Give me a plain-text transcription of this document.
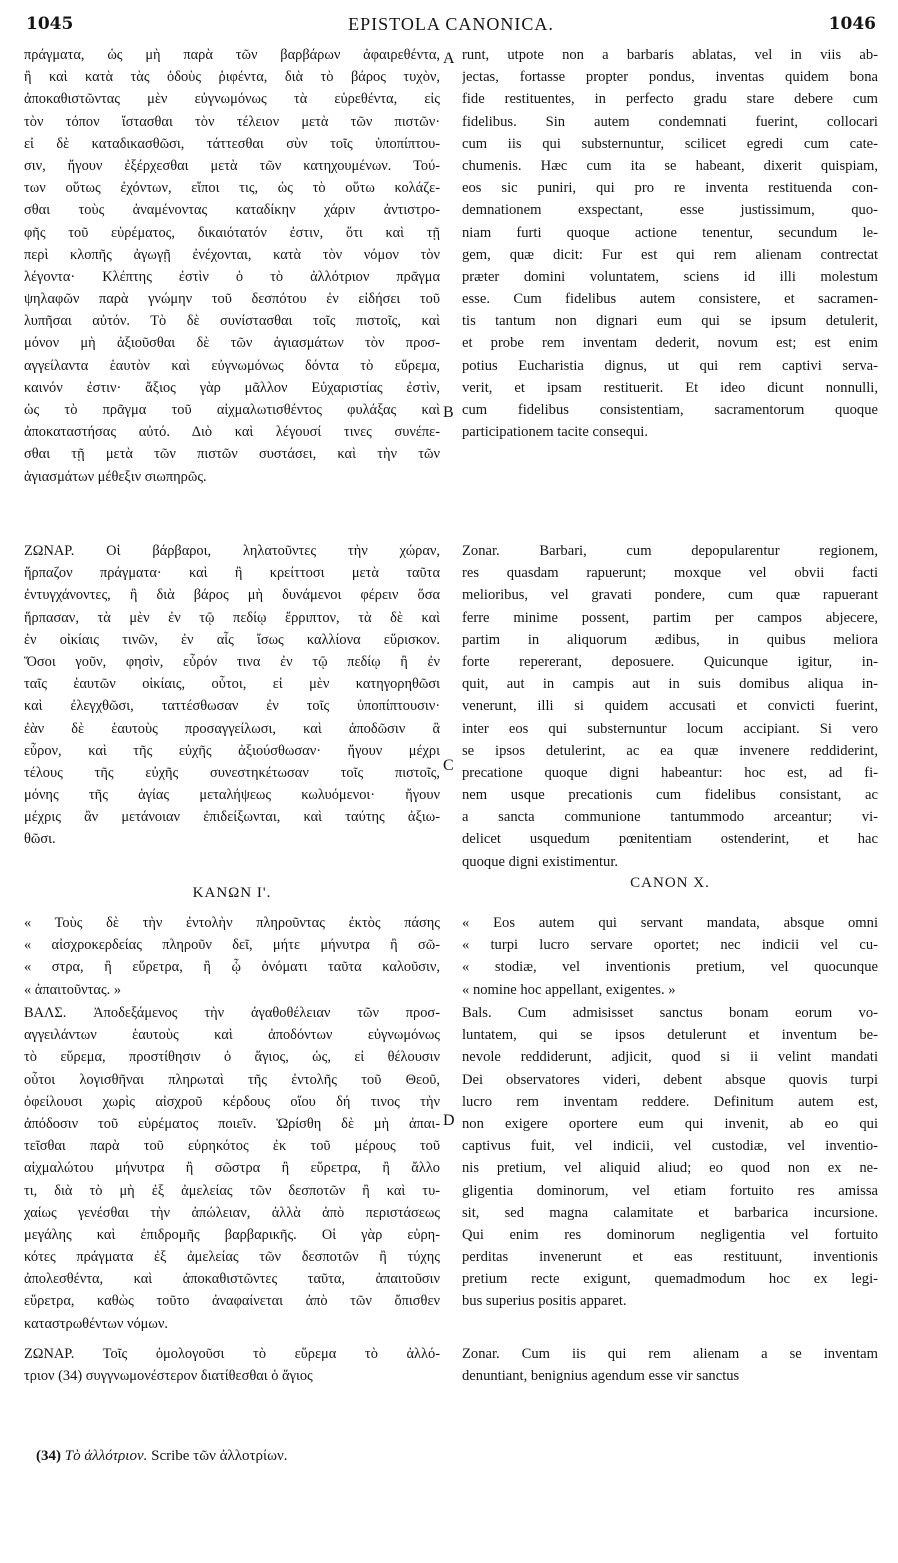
1045	EPISTOLA CANONICA.	1046
πράγματα, ὡς μὴ παρὰ τῶν βαρβάρων ἀφαιρεθέντα,
ἢ καὶ κατὰ τὰς ὁδοὺς ῥιφέντα, διὰ τὸ βάρος τυχὸν,
ἀποκαθιστῶντας μὲν εὐγνωμόνως τὰ εὑρεθέντα, εἰς
τὸν τόπον ἵστασθαι τὸν τέλειον μετὰ τῶν πιστῶν·
εἰ δὲ καταδικασθῶσι, τάττεσθαι σὺν τοῖς ὑποπίπτου-
σιν, ἤγουν ἐξέρχεσθαι μετὰ τῶν κατηχουμένων. Τού-
των οὕτως ἐχόντων, εἴποι τις, ὡς τὸ οὕτω κολάζε-
σθαι τοὺς ἀναμένοντας καταδίκην χάριν ἀντιστρο-
φῆς τοῦ εὑρέματος, δικαιότατόν ἐστιν, ὅτι καὶ τῇ
περὶ κλοπῆς ἀγωγῇ ἐνέχονται, κατὰ τὸν νόμον τὸν
λέγοντα· Κλέπτης ἐστὶν ὁ τὸ ἀλλότριον πρᾶγμα
ψηλαφῶν παρὰ γνώμην τοῦ δεσπότου ἐν εἰδήσει τοῦ
λυπῆσαι αὐτόν. Τὸ δὲ συνίστασθαι τοῖς πιστοῖς, καὶ
μόνον μὴ ἀξιοῦσθαι δὲ τῶν ἁγιασμάτων τὸν προσ-
αγγείλαντα ἑαυτὸν καὶ εὐγνωμόνως δόντα τὸ εὕρεμα,
καινόν ἐστιν· ἄξιος γὰρ μᾶλλον Εὐχαριστίας ἐστὶν,
ὡς τὸ πρᾶγμα τοῦ αἰχμαλωτισθέντος φυλάξας καὶ
ἀποκαταστήσας αὐτό. Διὸ καὶ λέγουσί τινες συνέπε-
σθαι τῇ μετὰ τῶν πιστῶν συστάσει, καὶ τὴν τῶν
ἁγιασμάτων μέθεξιν σιωπηρῶς.
ΖΩΝΑΡ. Οἱ βάρβαροι, ληλατοῦντες τὴν χώραν,
ἥρπαζον πράγματα· καὶ ἢ κρείττοσι μετὰ ταῦτα
ἐντυγχάνοντες, ἢ διὰ βάρος μὴ δυνάμενοι φέρειν ὅσα
ἥρπασαν, τὰ μὲν ἐν τῷ πεδίῳ ἔρριπτον, τὰ δὲ καὶ
ἐν οἰκίαις τινῶν, ἐν αἷς ἴσως καλλίονα εὕρισκον.
Ὅσοι γοῦν, φησὶν, εὗρόν τινα ἐν τῷ πεδίῳ ἢ ἐν
ταῖς ἑαυτῶν οἰκίαις, οὗτοι, εἰ μὲν κατηγορηθῶσι
καὶ ἐλεγχθῶσι, ταττέσθωσαν ἐν τοῖς ὑποπίπτουσιν·
ἐὰν δὲ ἑαυτοὺς προσαγγείλωσι, καὶ ἀποδῶσιν ἃ
εὗρον, καὶ τῆς εὐχῆς ἀξιούσθωσαν· ἤγουν μέχρι
τέλους τῆς εὐχῆς συνεστηκέτωσαν τοῖς πιστοῖς,
μόνης τῆς ἁγίας μεταλήψεως κωλυόμενοι· ἤγουν
μέχρις ἂν μετάνοιαν ἐπιδείξωνται, καὶ ταύτης ἀξιω-
θῶσι.
ΚΑΝΩΝ Ι'.
« Τοὺς δὲ τὴν ἐντολὴν πληροῦντας ἐκτὸς πάσης
« αἰσχροκερδείας πληροῦν δεῖ, μήτε μήνυτρα ἢ σῶ-
« στρα, ἢ εὕρετρα, ἢ ᾧ ὀνόματι ταῦτα καλοῦσιν,
« ἀπαιτοῦντας. »
ΒΑΛΣ. Ἀποδεξάμενος τὴν ἀγαθοθέλειαν τῶν προσ-
αγγειλάντων ἑαυτοὺς καὶ ἀποδόντων εὐγνωμόνως
τὸ εὕρεμα, προστίθησιν ὁ ἅγιος, ὡς, εἰ θέλουσιν
οὗτοι λογισθῆναι πληρωταὶ τῆς ἐντολῆς τοῦ Θεοῦ,
ὀφείλουσι χωρὶς αἰσχροῦ κέρδους οἵου δή τινος τὴν
ἀπόδοσιν τοῦ εὑρέματος ποιεῖν. Ὡρίσθη δὲ μὴ ἀπαι-
τεῖσθαι παρὰ τοῦ εὑρηκότος ἐκ τοῦ μέρους τοῦ
αἰχμαλώτου μήνυτρα ἢ σῶστρα ἢ εὕρετρα, ἢ ἄλλο
τι, διὰ τὸ μὴ ἐξ ἀμελείας τῶν δεσποτῶν ἢ καὶ τυ-
χαίως γενέσθαι τὴν ἀπώλειαν, ἀλλὰ ἀπὸ περιστάσεως
μεγάλης καὶ ἐπιδρομῆς βαρβαρικῆς. Οἱ γὰρ εὑρη-
κότες πράγματα ἐξ ἀμελείας τῶν δεσποτῶν ἢ τύχης
ἀπολεσθέντα, καὶ ἀποκαθιστῶντες ταῦτα, ἀπαιτοῦσιν
εὕρετρα, καθὼς τοῦτο ἀναφαίνεται ἀπὸ τῶν ὄπισθεν
καταστρωθέντων νόμων.
ΖΩΝΑΡ. Τοῖς ὁμολογοῦσι τὸ εὕρεμα τὸ ἀλλό-
τριον (34) συγγνωμονέστερον διατίθεσθαι ὁ ἅγιος
runt, utpote non a barbaris ablatas, vel in viis ab-
jectas, fortasse propter pondus, inventas quidem bona
fide restituentes, in perfecto gradu stare debere cum
fidelibus. Sin autem condemnati fuerint, collocari
cum iis qui substernuntur, scilicet egredi cum cate-
chumenis. Hæc cum ita se habeant, dixerit quispiam,
eos sic puniri, qui pro re inventa restituenda con-
demnationem exspectant, esse justissimum, quo-
niam furti quoque actione tenentur, secundum le-
gem, quæ dicit: Fur est qui rem alienam contrectat
præter domini voluntatem, sciens id illi molestum
esse. Cum fidelibus autem consistere, et sacramen-
tis tantum non dignari eum qui se ipsum detulerit,
et probe rem inventam dederit, novum est; est enim
potius Eucharistia dignus, ut qui rem captivi serva-
verit, et ipsam restituerit. Et ideo dicunt nonnulli,
cum fidelibus consistentiam, sacramentorum quoque
participationem tacite consequi.
Zonar. Barbari, cum depopularentur regionem,
res quasdam rapuerunt; moxque vel obvii facti
melioribus, vel gravati pondere, cum quæ rapuerant
ferre minime possent, partim per campos abjecere,
partim in aliquorum ædibus, in quibus meliora
forte repererant, deposuere. Quicunque igitur, in-
quit, aut in campis aut in suis domibus aliqua in-
venerunt, illi si quidem accusati et convicti fuerint,
inter eos qui substernuntur locum accipiant. Si vero
se ipsos detulerint, ac ea quæ invenere reddiderint,
precatione quoque digni habeantur: hoc est, ad fi-
nem usque precationis cum fidelibus consistant, ac
a sancta communione tantummodo arceantur; vi-
delicet usquedum pœnitentiam ostenderint, et hac
quoque digni existimentur.
CANON X.
« Eos autem qui servant mandata, absque omni
« turpi lucro servare oportet; nec indicii vel cu-
« stodiæ, vel inventionis pretium, vel quocunque
« nomine hoc appellant, exigentes. »
Bals. Cum admisisset sanctus bonam eorum vo-
luntatem, qui se ipsos detulerunt et inventum be-
nevole reddiderunt, adjicit, quod si ii velint mandati
Dei observatores videri, debent absque quovis turpi
lucro rem inventam reddere. Definitum autem est,
non exigere oportere eum qui invenit, ab eo qui
captivus fuit, vel indicii, vel custodiæ, vel inventio-
nis pretium, vel aliquid aliud; eo quod non ex ne-
gligentia dominorum, vel etiam fortuito res amissa
sit, sed magna calamitate et barbarica incursione.
Qui enim res dominorum negligentia vel fortuito
perditas invenerunt et eas restituunt, inventionis
pretium recte exigunt, quemadmodum hoc ex legi-
bus superius positis apparet.
Zonar. Cum iis qui rem alienam a se inventam
denuntiant, benignius agendum esse vir sanctus
A
B
C
D
(34) Τὸ ἀλλότριον. Scribe τῶν ἀλλοτρίων.
